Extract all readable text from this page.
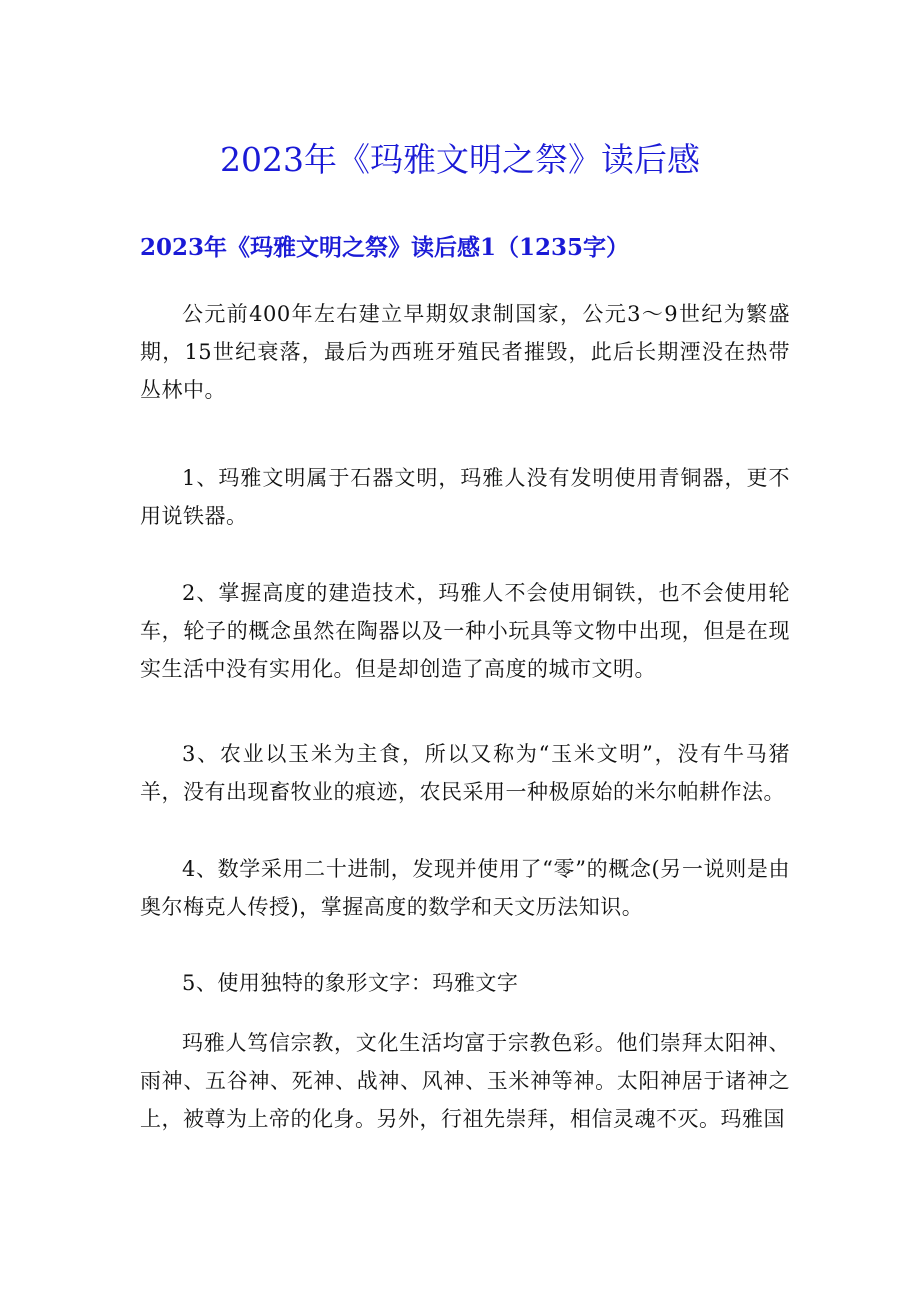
2023年《玛雅文明之祭》读后感
2023年《玛雅文明之祭》读后感1（1235字）

公元前400年左右建立早期奴隶制国家，公元3～9世纪为繁盛期，15世纪衰落，最后为西班牙殖民者摧毁，此后长期湮没在热带丛林中。

1、玛雅文明属于石器文明，玛雅人没有发明使用青铜器，更不用说铁器。

2、掌握高度的建造技术，玛雅人不会使用铜铁，也不会使用轮车，轮子的概念虽然在陶器以及一种小玩具等文物中出现，但是在现实生活中没有实用化。但是却创造了高度的城市文明。

3、农业以玉米为主食，所以又称为“玉米文明”，没有牛马猪羊，没有出现畜牧业的痕迹，农民采用一种极原始的米尔帕耕作法。

4、数学采用二十进制，发现并使用了“零”的概念(另一说则是由奥尔梅克人传授)，掌握高度的数学和天文历法知识。

5、使用独特的象形文字：玛雅文字

玛雅人笃信宗教，文化生活均富于宗教色彩。他们崇拜太阳神、雨神、五谷神、死神、战神、风神、玉米神等神。太阳神居于诸神之上，被尊为上帝的化身。另外，行祖先崇拜，相信灵魂不灭。玛雅国
